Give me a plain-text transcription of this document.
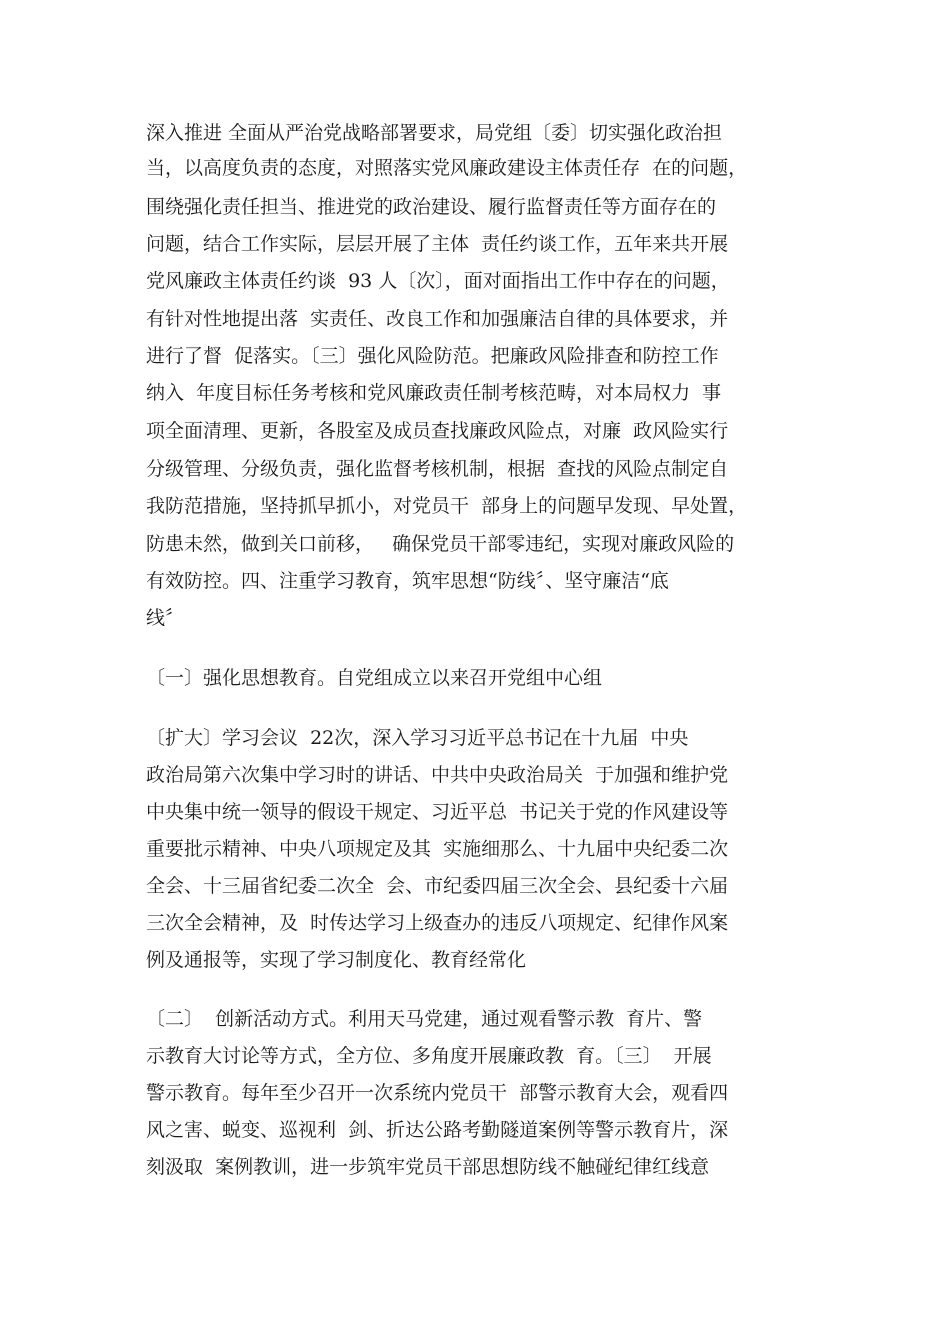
深入推进 全面从严治党战略部署要求，局党组〔委〕切实强化政治担
当，以高度负责的态度，对照落实党风廉政建设主体责任存  在的问题，
围绕强化责任担当、推进党的政治建设、履行监督责任等方面存在的
问题，结合工作实际，层层开展了主体  责任约谈工作，五年来共开展
党风廉政主体责任约谈  93 人〔次〕，面对面指出工作中存在的问题，
有针对性地提出落  实责任、改良工作和加强廉洁自律的具体要求，并
进行了督  促落实。〔三〕强化风险防范。把廉政风险排查和防控工作
纳入  年度目标任务考核和党风廉政责任制考核范畴，对本局权力  事
项全面清理、更新，各股室及成员查找廉政风险点，对廉  政风险实行
分级管理、分级负责，强化监督考核机制，根据  查找的风险点制定自
我防范措施，坚持抓早抓小，对党员干  部身上的问题早发现、早处置，
防患未然，做到关口前移，   确保党员干部零违纪，实现对廉政风险的
有效防控。四、注重学习教育，筑牢思想“防线〞、坚守廉洁“底
线〞
〔一〕强化思想教育。自党组成立以来召开党组中心组
〔扩大〕学习会议  22次，深入学习习近平总书记在十九届  中央
政治局第六次集中学习时的讲话、中共中央政治局关  于加强和维护党
中央集中统一领导的假设干规定、习近平总  书记关于党的作风建设等
重要批示精神、中央八项规定及其  实施细那么、十九届中央纪委二次
全会、十三届省纪委二次全  会、市纪委四届三次全会、县纪委十六届
三次全会精神，及  时传达学习上级查办的违反八项规定、纪律作风案
例及通报等，实现了学习制度化、教育经常化
〔二〕  创新活动方式。利用天马党建，通过观看警示教  育片、警
示教育大讨论等方式，全方位、多角度开展廉政教  育。〔三〕  开展
警示教育。每年至少召开一次系统内党员干  部警示教育大会，观看四
风之害、蜕变、巡视利  剑、折达公路考勤隧道案例等警示教育片，深
刻汲取  案例教训，进一步筑牢党员干部思想防线不触碰纪律红线意
